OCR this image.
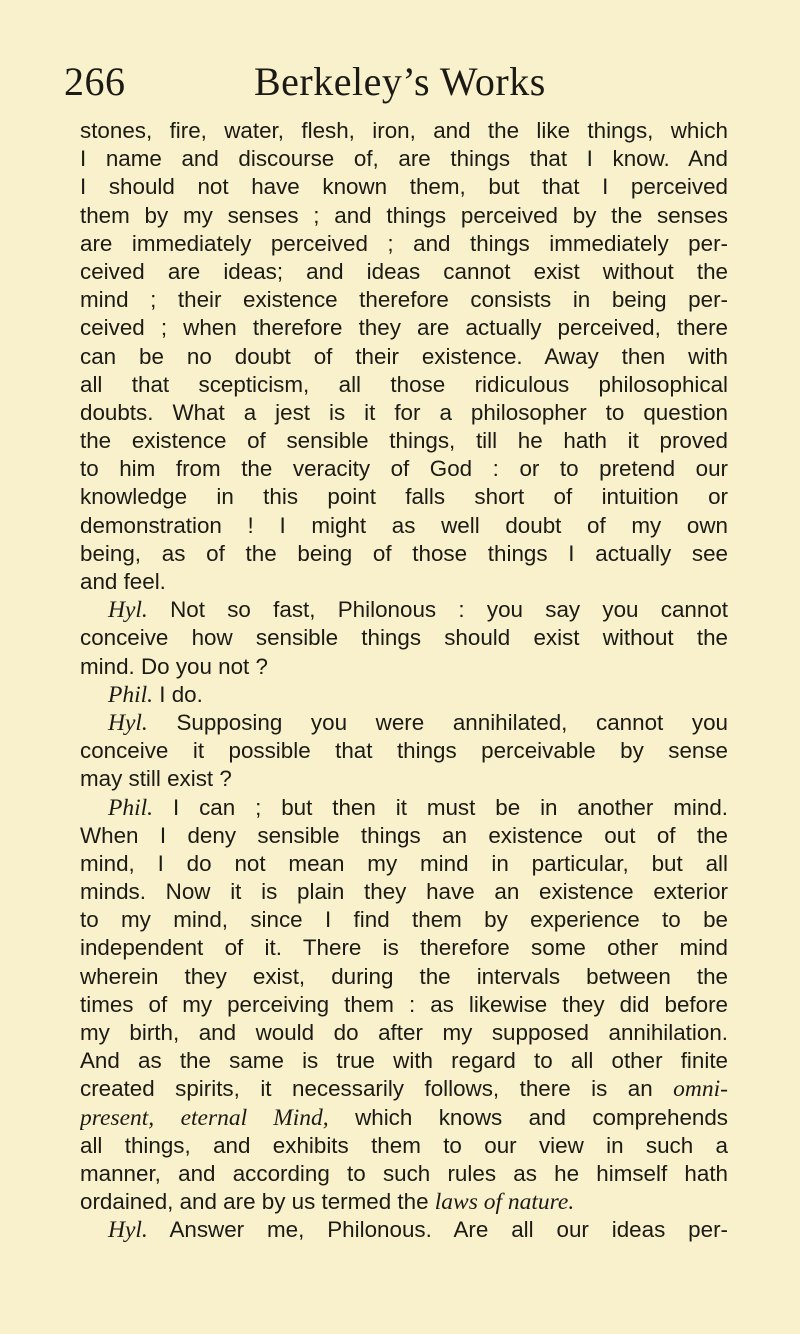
266	Berkeley’s Works
stones, fire, water, flesh, iron, and the like things, which
I name and discourse of, are things that I know. And
I should not have known them, but that I perceived
them by my senses ; and things perceived by the senses
are immediately perceived ; and things immediately per-
ceived are ideas; and ideas cannot exist without the
mind ; their existence therefore consists in being per-
ceived ; when therefore they are actually perceived, there
can be no doubt of their existence. Away then with
all that scepticism, all those ridiculous philosophical
doubts. What a jest is it for a philosopher to question
the existence of sensible things, till he hath it proved
to him from the veracity of God : or to pretend our
knowledge in this point falls short of intuition or
demonstration ! I might as well doubt of my own
being, as of the being of those things I actually see
and feel.
Hyl. Not so fast, Philonous : you say you cannot
conceive how sensible things should exist without the
mind. Do you not ?
Phil. I do.
Hyl. Supposing you were annihilated, cannot you
conceive it possible that things perceivable by sense
may still exist ?
Phil. I can ; but then it must be in another mind.
When I deny sensible things an existence out of the
mind, I do not mean my mind in particular, but all
minds. Now it is plain they have an existence exterior
to my mind, since I find them by experience to be
independent of it. There is therefore some other mind
wherein they exist, during the intervals between the
times of my perceiving them : as likewise they did before
my birth, and would do after my supposed annihilation.
And as the same is true with regard to all other finite
created spirits, it necessarily follows, there is an omni-
present, eternal Mind, which knows and comprehends
all things, and exhibits them to our view in such a
manner, and according to such rules as he himself hath
ordained, and are by us termed the laws of nature.
Hyl. Answer me, Philonous. Are all our ideas per-
